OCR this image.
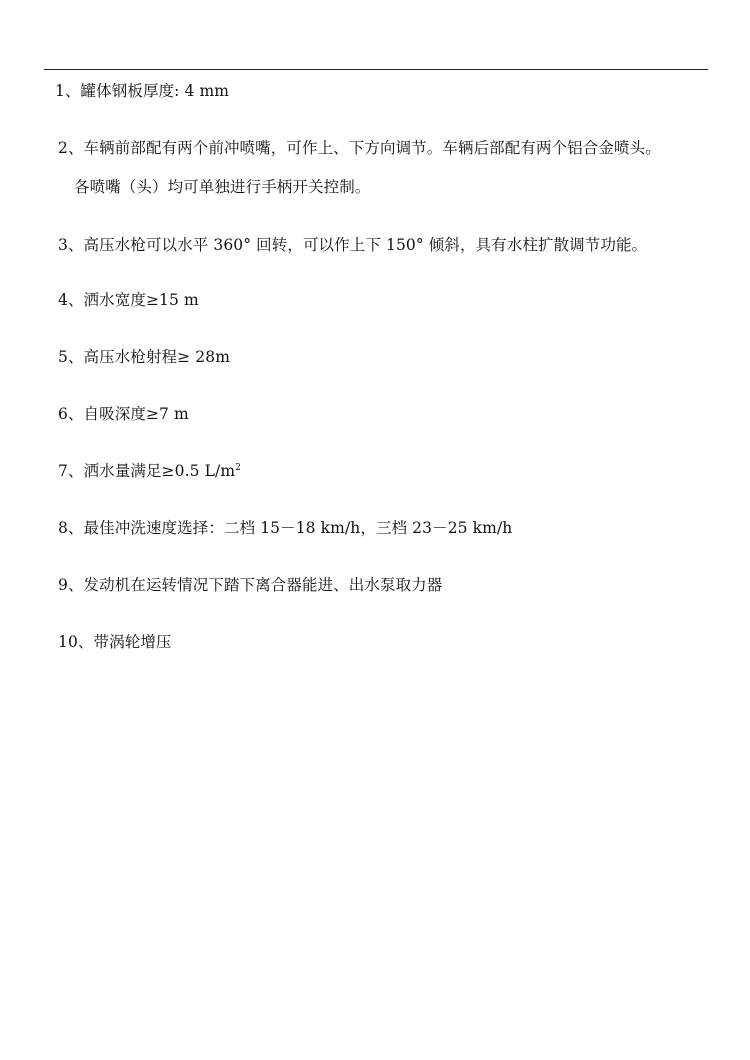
1、罐体钢板厚度: 4 mm
2、车辆前部配有两个前冲喷嘴，可作上、下方向调节。车辆后部配有两个铝合金喷头。
各喷嘴（头）均可单独进行手柄开关控制。
3、高压水枪可以水平 360° 回转，可以作上下 150° 倾斜，具有水柱扩散调节功能。
4、洒水宽度≥15 m
5、高压水枪射程≥ 28m
6、自吸深度≥7 m
7、洒水量满足≥0.5 $L/m^2$
8、最佳冲洗速度选择：二档 15－18 km/h，三档 23－25 km/h
9、发动机在运转情况下踏下离合器能进、出水泵取力器
10、带涡轮增压
